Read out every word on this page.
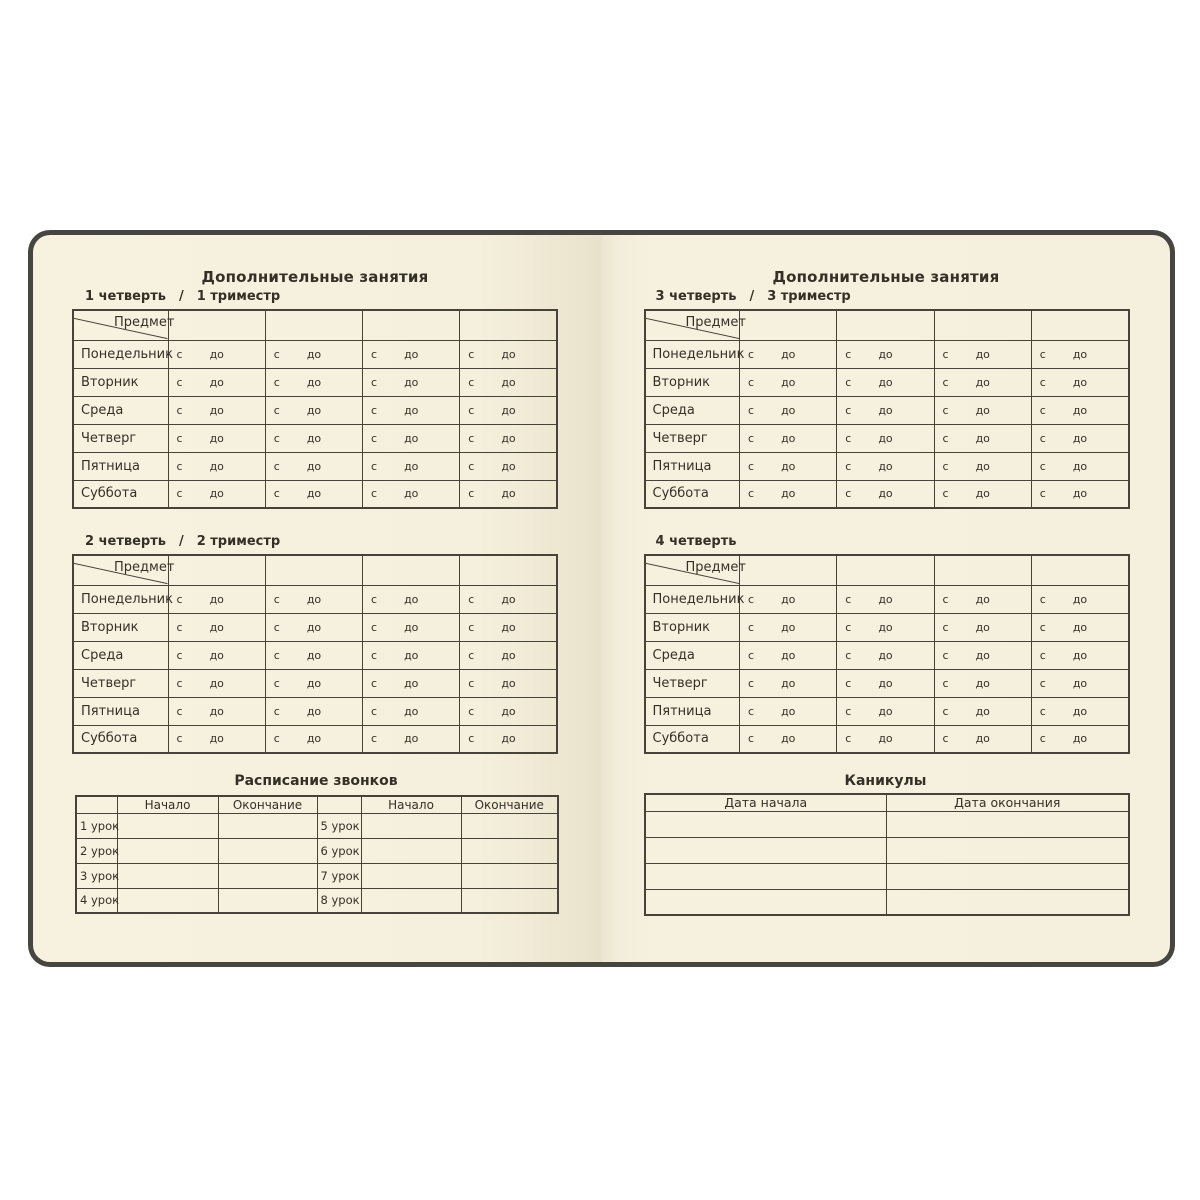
Дополнительные занятия
1 четверть / 1 триместр
Предмет				

Понедельник	с до	с до	с до	с до

Вторник	с до	с до	с до	с до

Среда	с до	с до	с до	с до

Четверг	с до	с до	с до	с до

Пятница	с до	с до	с до	с до

Суббота	с до	с до	с до	с до
2 четверть / 2 триместр
Предмет				

Понедельник	с до	с до	с до	с до

Вторник	с до	с до	с до	с до

Среда	с до	с до	с до	с до

Четверг	с до	с до	с до	с до

Пятница	с до	с до	с до	с до

Суббота	с до	с до	с до	с до
Расписание звонков
	Начало	Окончание		Начало	Окончание
1 урок			5 урок		
2 урок			6 урок		
3 урок			7 урок		
4 урок			8 урок		
Дополнительные занятия
3 четверть / 3 триместр
Предмет				

Понедельник	с до	с до	с до	с до

Вторник	с до	с до	с до	с до

Среда	с до	с до	с до	с до

Четверг	с до	с до	с до	с до

Пятница	с до	с до	с до	с до

Суббота	с до	с до	с до	с до
4 четверть
Предмет				

Понедельник	с до	с до	с до	с до

Вторник	с до	с до	с до	с до

Среда	с до	с до	с до	с до

Четверг	с до	с до	с до	с до

Пятница	с до	с до	с до	с до

Суббота	с до	с до	с до	с до
Каникулы
Дата начала	Дата окончания
